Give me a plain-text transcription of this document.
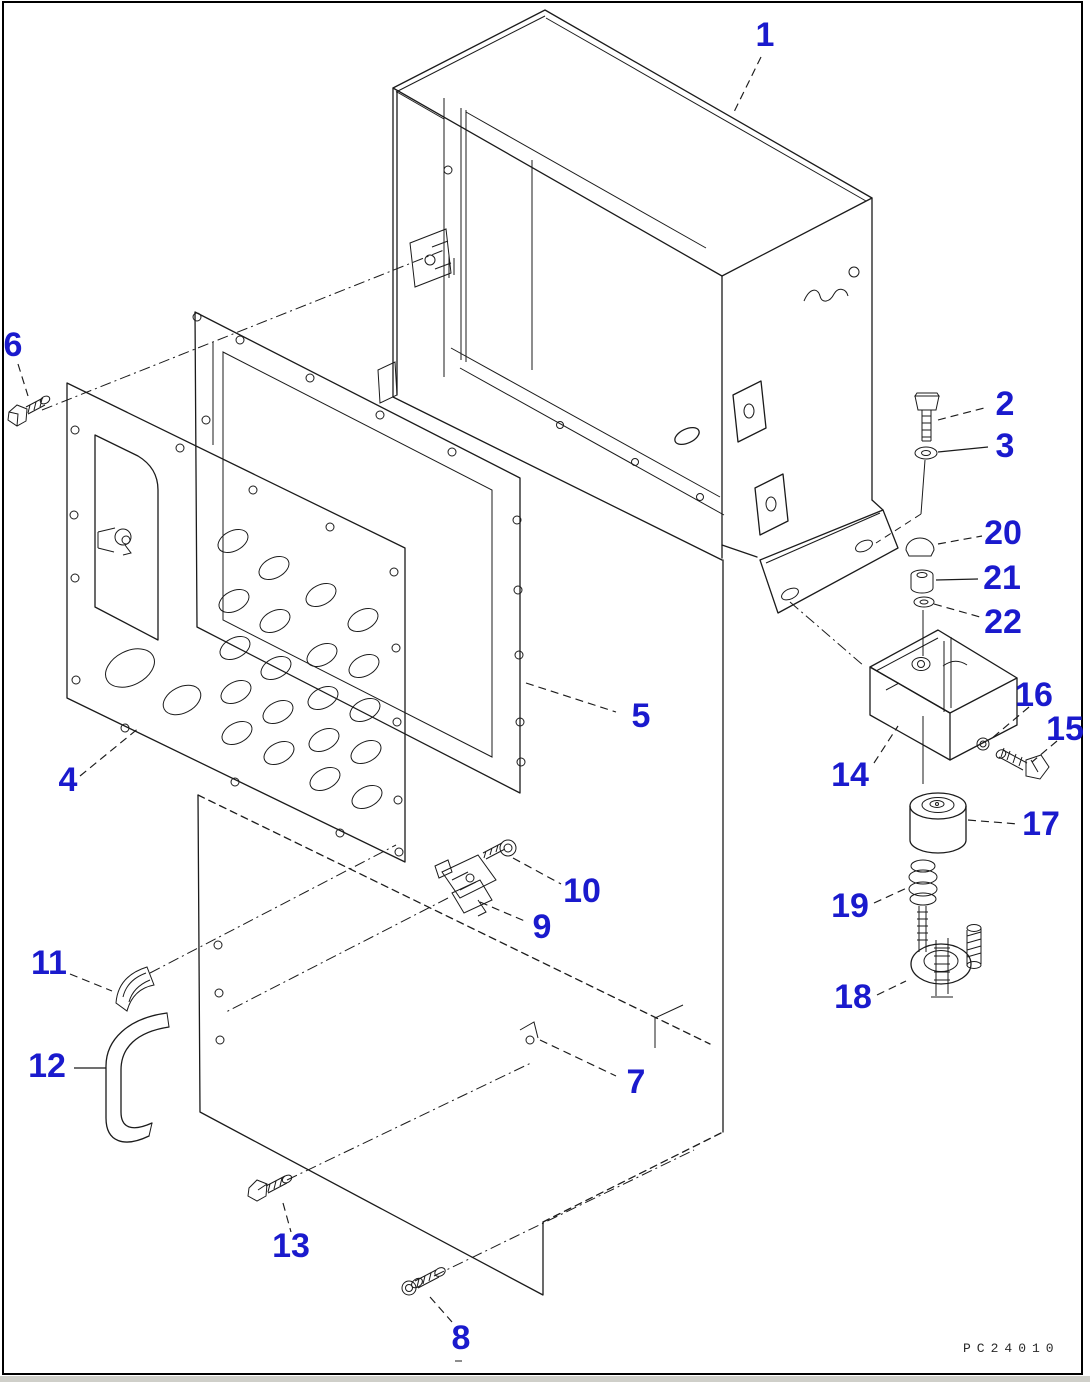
1
2
3
4
5
6
7
8
9
10
11
12
13
14
15
16
17
18
19
20
21
22
PC24010
